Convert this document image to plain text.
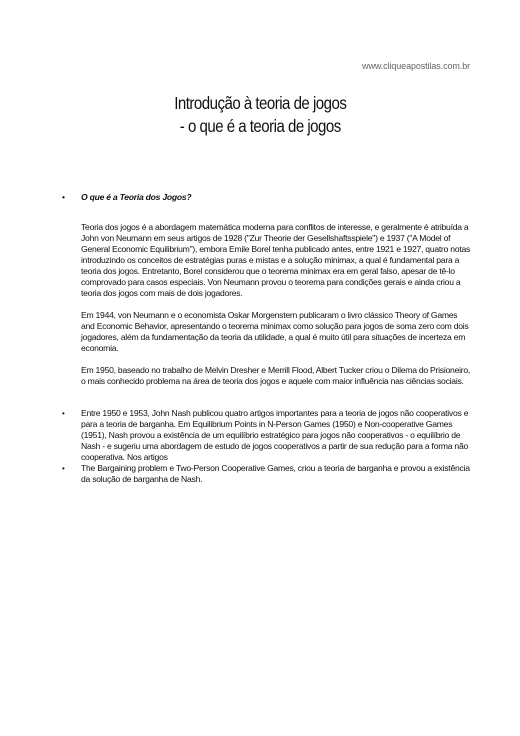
www.cliqueapostilas.com.br
Introdução à teoria de jogos
- o que é a teoria de jogos
• O que é a Teoria dos Jogos?

Teoria dos jogos é a abordagem matemática moderna para conflitos de interesse, e geralmente é atribuída a John von Neumann em seus artigos de 1928 ("Zur Theorie der Gesellshaftsspiele") e 1937 ("A Model of General Economic Equilibrium"), embora Emile Borel tenha publicado antes, entre 1921 e 1927, quatro notas introduzindo os conceitos de estratégias puras e mistas e a solução minimax, a qual é fundamental para a teoria dos jogos. Entretanto, Borel considerou que o teorema minimax era em geral falso, apesar de tê-lo comprovado para casos especiais. Von Neumann provou o teorema para condições gerais e ainda criou a teoria dos jogos com mais de dois jogadores.

Em 1944, von Neumann e o economista Oskar Morgenstern publicaram o livro clássico Theory of Games and Economic Behavior, apresentando o teorema minimax como solução para jogos de soma zero com dois jogadores, além da fundamentação da teoria da utilidade, a qual é muito útil para situações de incerteza em economia.

Em 1950, baseado no trabalho de Melvin Dresher e Merrill Flood, Albert Tucker criou o Dilema do Prisioneiro, o mais conhecido problema na área de teoria dos jogos e aquele com maior influência nas ciências sociais.

• Entre 1950 e 1953, John Nash publicou quatro artigos importantes para a teoria de jogos não cooperativos e para a teoria de barganha. Em Equilibrium Points in N-Person Games (1950) e Non-cooperative Games (1951), Nash provou a existência de um equilíbrio estratégico para jogos não cooperativos - o equilíbrio de Nash - e sugeriu uma abordagem de estudo de jogos cooperativos a partir de sua redução para a forma não cooperativa. Nos artigos

• The Bargaining problem e Two-Person Cooperative Games, criou a teoria de barganha e provou a existência da solução de barganha de Nash.
